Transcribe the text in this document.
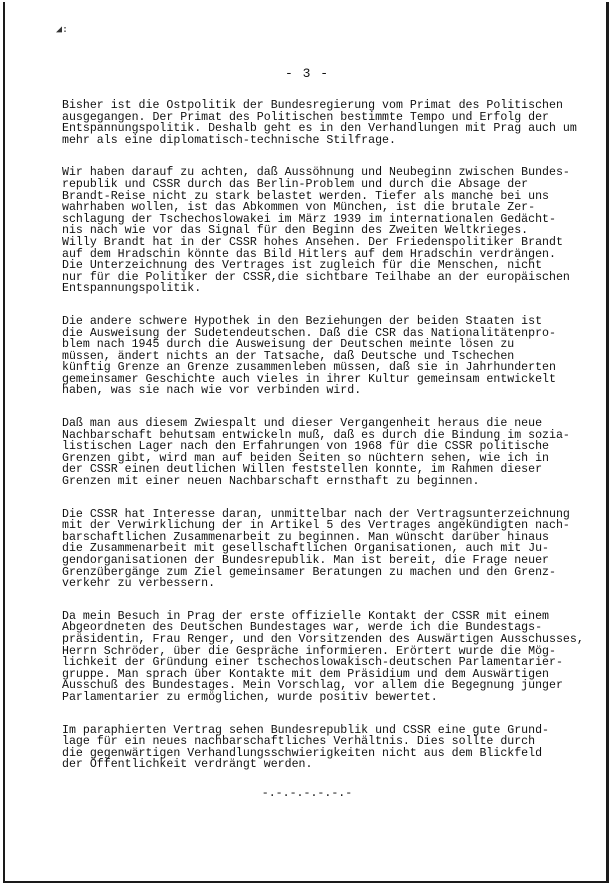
◢:
- 3 -
Bisher ist die Ostpolitik der Bundesregierung vom Primat des Politischen
ausgegangen. Der Primat des Politischen bestimmte Tempo und Erfolg der
Entspannungspolitik. Deshalb geht es in den Verhandlungen mit Prag auch um
mehr als eine diplomatisch-technische Stilfrage.
Wir haben darauf zu achten, daß Aussöhnung und Neubeginn zwischen Bundes-
republik und CSSR durch das Berlin-Problem und durch die Absage der
Brandt-Reise nicht zu stark belastet werden. Tiefer als manche bei uns
wahrhaben wollen, ist das Abkommen von München, ist die brutale Zer-
schlagung der Tschechoslowakei im März 1939 im internationalen Gedächt-
nis nach wie vor das Signal für den Beginn des Zweiten Weltkrieges.
Willy Brandt hat in der CSSR hohes Ansehen. Der Friedenspolitiker Brandt
auf dem Hradschin könnte das Bild Hitlers auf dem Hradschin verdrängen.
Die Unterzeichnung des Vertrages ist zugleich für die Menschen, nicht
nur für die Politiker der CSSR,die sichtbare Teilhabe an der europäischen
Entspannungspolitik.
Die andere schwere Hypothek in den Beziehungen der beiden Staaten ist
die Ausweisung der Sudetendeutschen. Daß die CSR das Nationalitätenpro-
blem nach 1945 durch die Ausweisung der Deutschen meinte lösen zu
müssen, ändert nichts an der Tatsache, daß Deutsche und Tschechen
künftig Grenze an Grenze zusammenleben müssen, daß sie in Jahrhunderten
gemeinsamer Geschichte auch vieles in ihrer Kultur gemeinsam entwickelt
haben, was sie nach wie vor verbinden wird.
Daß man aus diesem Zwiespalt und dieser Vergangenheit heraus die neue
Nachbarschaft behutsam entwickeln muß, daß es durch die Bindung im sozia-
listischen Lager nach den Erfahrungen von 1968 für die CSSR politische
Grenzen gibt, wird man auf beiden Seiten so nüchtern sehen, wie ich in
der CSSR einen deutlichen Willen feststellen konnte, im Rahmen dieser
Grenzen mit einer neuen Nachbarschaft ernsthaft zu beginnen.
Die CSSR hat Interesse daran, unmittelbar nach der Vertragsunterzeichnung
mit der Verwirklichung der in Artikel 5 des Vertrages angekündigten nach-
barschaftlichen Zusammenarbeit zu beginnen. Man wünscht darüber hinaus
die Zusammenarbeit mit gesellschaftlichen Organisationen, auch mit Ju-
gendorganisationen der Bundesrepublik. Man ist bereit, die Frage neuer
Grenzübergänge zum Ziel gemeinsamer Beratungen zu machen und den Grenz-
verkehr zu verbessern.
Da mein Besuch in Prag der erste offizielle Kontakt der CSSR mit einem
Abgeordneten des Deutschen Bundestages war, werde ich die Bundestags-
präsidentin, Frau Renger, und den Vorsitzenden des Auswärtigen Ausschusses,
Herrn Schröder, über die Gespräche informieren. Erörtert wurde die Mög-
lichkeit der Gründung einer tschechoslowakisch-deutschen Parlamentarier-
gruppe. Man sprach über Kontakte mit dem Präsidium und dem Auswärtigen
Ausschuß des Bundestages. Mein Vorschlag, vor allem die Begegnung junger
Parlamentarier zu ermöglichen, wurde positiv bewertet.
Im paraphierten Vertrag sehen Bundesrepublik und CSSR eine gute Grund-
lage für ein neues nachbarschaftliches Verhältnis. Dies sollte durch
die gegenwärtigen Verhandlungsschwierigkeiten nicht aus dem Blickfeld
der Öffentlichkeit verdrängt werden.
-.-.-.-.-.-.-
